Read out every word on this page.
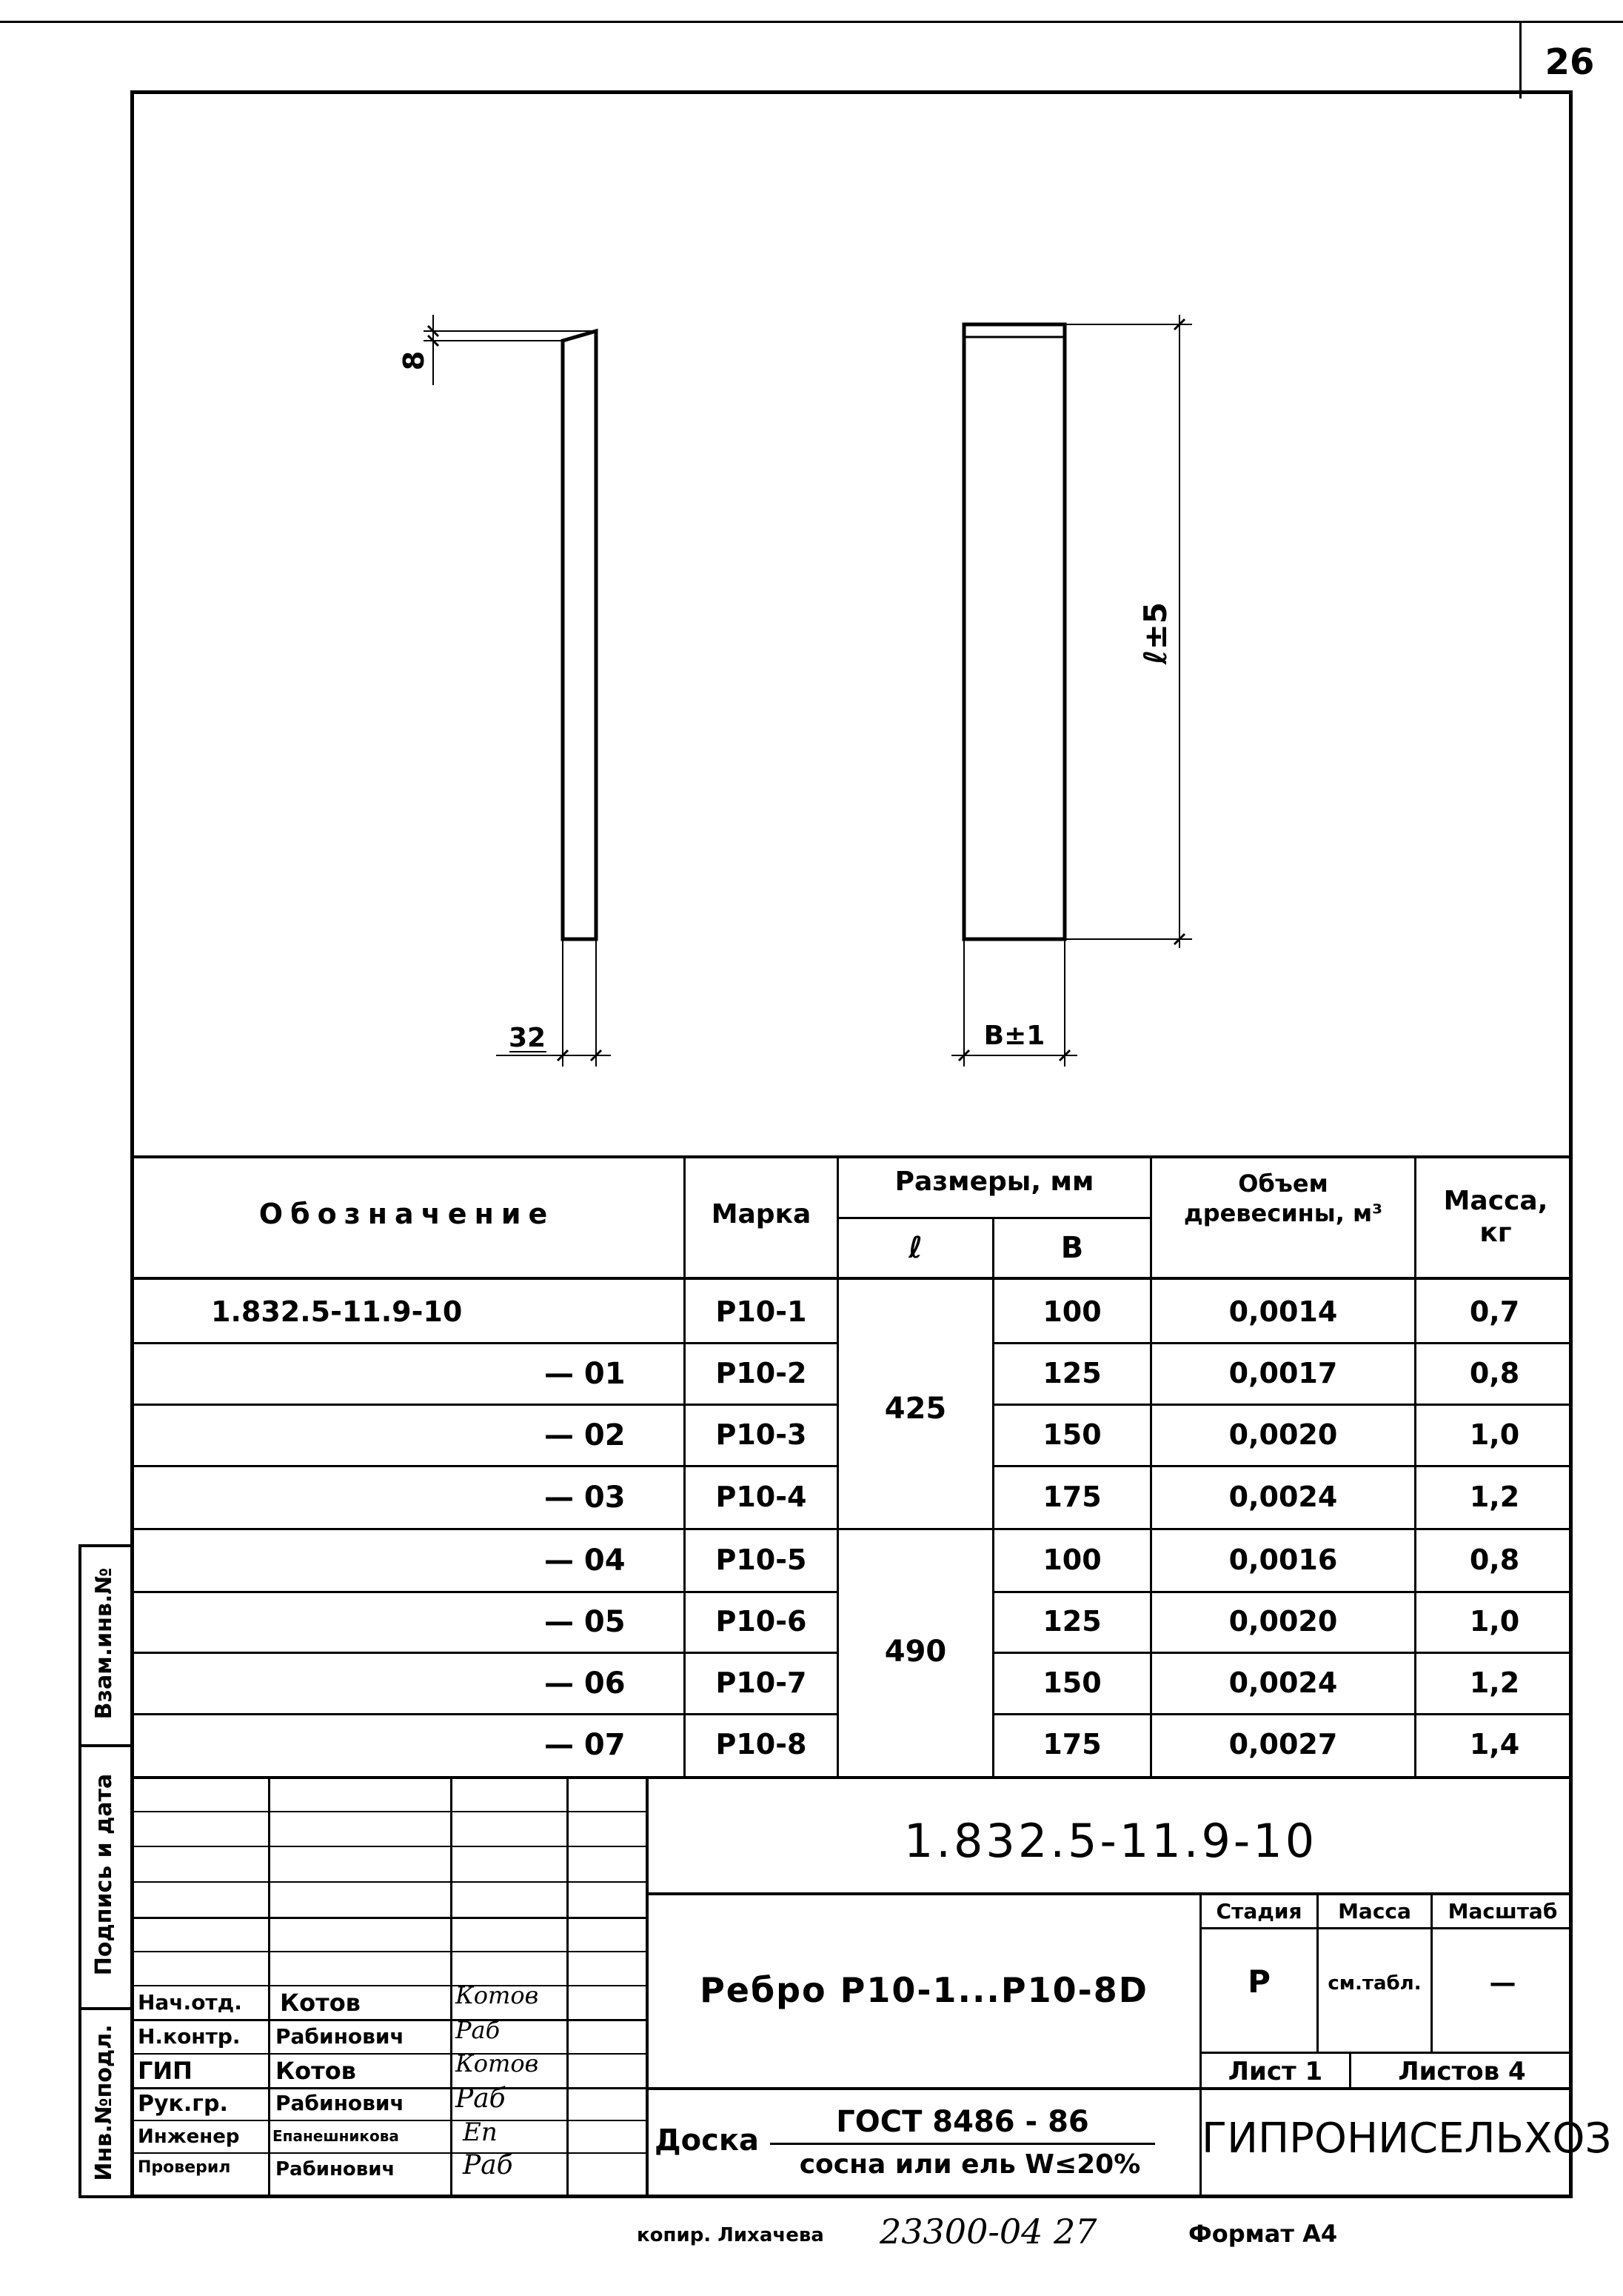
26
8
32
ℓ±5
B±1
Обозначение	Марка
Размеры, мм
ℓ	B
Объем древесины, м³	Масса, кг
425
490
1.832.5-11.9-10	Р10-1	100	0,0014	0,7
— 01	Р10-2	125	0,0017	0,8
— 02	Р10-3	150	0,0020	1,0
— 03	Р10-4	175	0,0024	1,2
— 04	Р10-5	100	0,0016	0,8
— 05	Р10-6	125	0,0020	1,0
— 06	Р10-7	150	0,0024	1,2
— 07	Р10-8	175	0,0027	1,4
1.832.5-11.9-10
Ребро Р10-1...Р10-8D
Стадия	Масса	Масштаб
Р	см.табл.	—
Лист 1	Листов 4
Доска
ГОСТ 8486 - 86
сосна или ель W≤20%
ГИПРОНИСЕЛЬХОЗ
Нач.отд. Котов	Котов
Н.контр. Рабинович Раб
ГИП	Котов	Котов
Рук.гр. Рабинович Раб
Инженер Епанешникова	Еп
Проверил Рабинович	Раб
Взам.инв.№
Подпись и дата
Инв.№подл.
копир. Лихачева 23300-04 27	Формат А4
